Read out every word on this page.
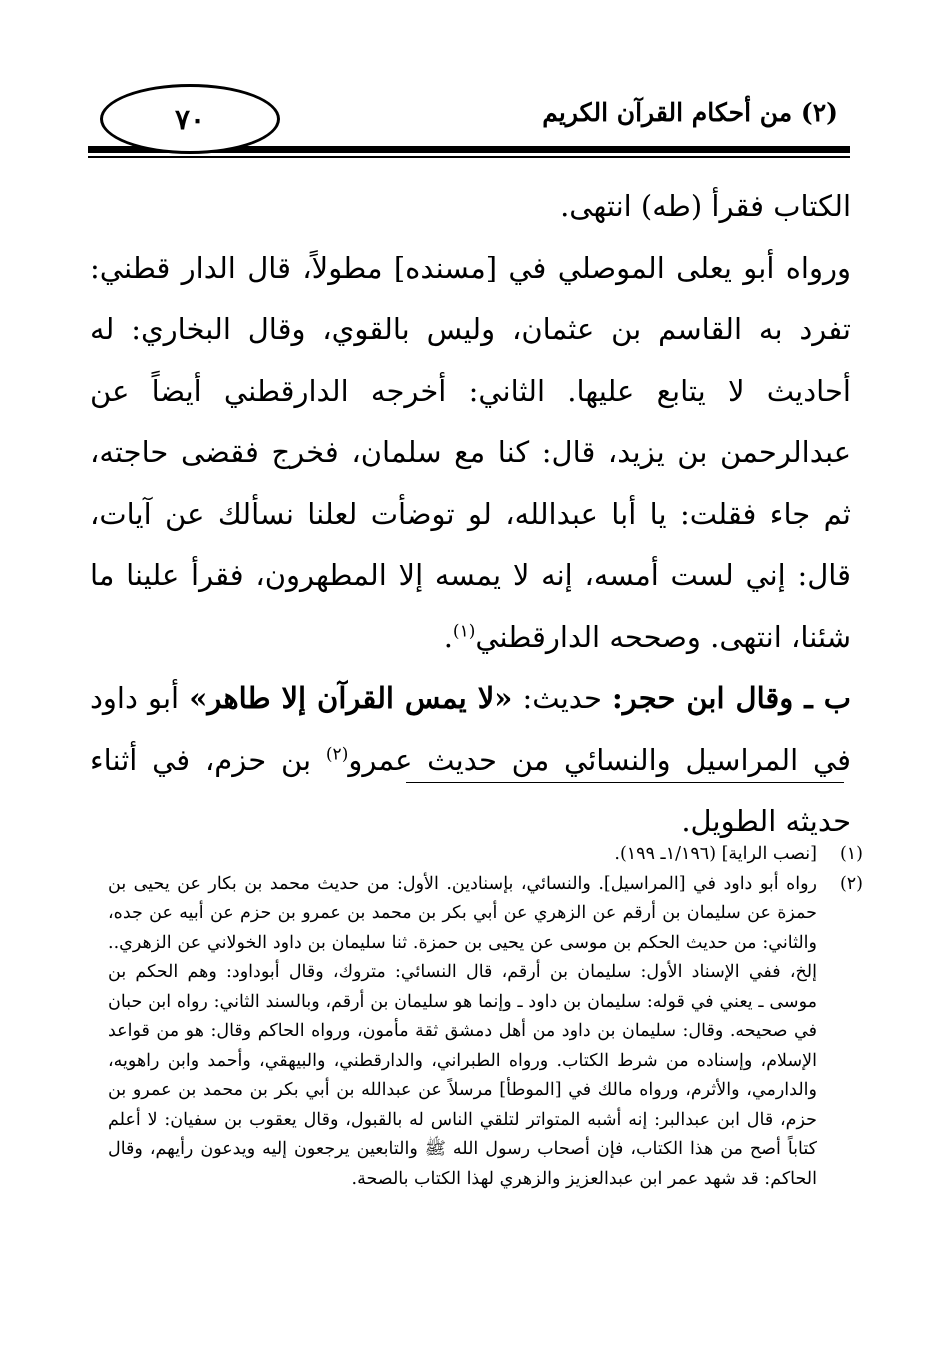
٧٠	(٢) من أحكام القرآن الكريم

الكتاب فقرأ (طه) انتهى.

ورواه أبو يعلى الموصلي في [مسنده] مطولاً، قال الدار قطني: تفرد به القاسم بن عثمان، وليس بالقوي، وقال البخاري: له أحاديث لا يتابع عليها. الثاني: أخرجه الدارقطني أيضاً عن عبدالرحمن بن يزيد، قال: كنا مع سلمان، فخرج فقضى حاجته، ثم جاء فقلت: يا أبا عبدالله، لو توضأت لعلنا نسألك عن آيات، قال: إني لست أمسه، إنه لا يمسه إلا المطهرون، فقرأ علينا ما شئنا، انتهى. وصححه الدارقطني$^{(١)}$.

ب ـ وقال ابن حجر: حديث: «لا يمس القرآن إلا طاهر» أبو داود في المراسيل والنسائي من حديث عمرو$^{(٢)}$ بن حزم، في أثناء حديثه الطويل.

(١)
[نصب الراية] (١/١٩٦ـ ١٩٩).
(٢)
رواه أبو داود في [المراسيل]. والنسائي، بإسنادين. الأول: من حديث محمد بن بكار عن يحيى بن حمزة عن سليمان بن أرقم عن الزهري عن أبي بكر بن محمد بن عمرو بن حزم عن أبيه عن جده، والثاني: من حديث الحكم بن موسى عن يحيى بن حمزة. ثنا سليمان بن داود الخولاني عن الزهري.. إلخ، ففي الإسناد الأول: سليمان بن أرقم، قال النسائي: متروك، وقال أبوداود: وهم الحكم بن موسى ـ يعني في قوله: سليمان بن داود ـ وإنما هو سليمان بن أرقم، وبالسند الثاني: رواه ابن حبان في صحيحه. وقال: سليمان بن داود من أهل دمشق ثقة مأمون، ورواه الحاكم وقال: هو من قواعد الإسلام، وإسناده من شرط الكتاب. ورواه الطبراني، والدارقطني، والبيهقي، وأحمد وابن راهويه، والدارمي، والأثرم، ورواه مالك في [الموطأ] مرسلاً عن عبدالله بن أبي بكر بن محمد بن عمرو بن حزم، قال ابن عبدالبر: إنه أشبه المتواتر لتلقي الناس له بالقبول، وقال يعقوب بن سفيان: لا أعلم كتاباً أصح من هذا الكتاب، فإن أصحاب رسول الله ﷺ والتابعين يرجعون إليه ويدعون رأيهم، وقال الحاكم: قد شهد عمر ابن عبدالعزيز والزهري لهذا الكتاب بالصحة.
